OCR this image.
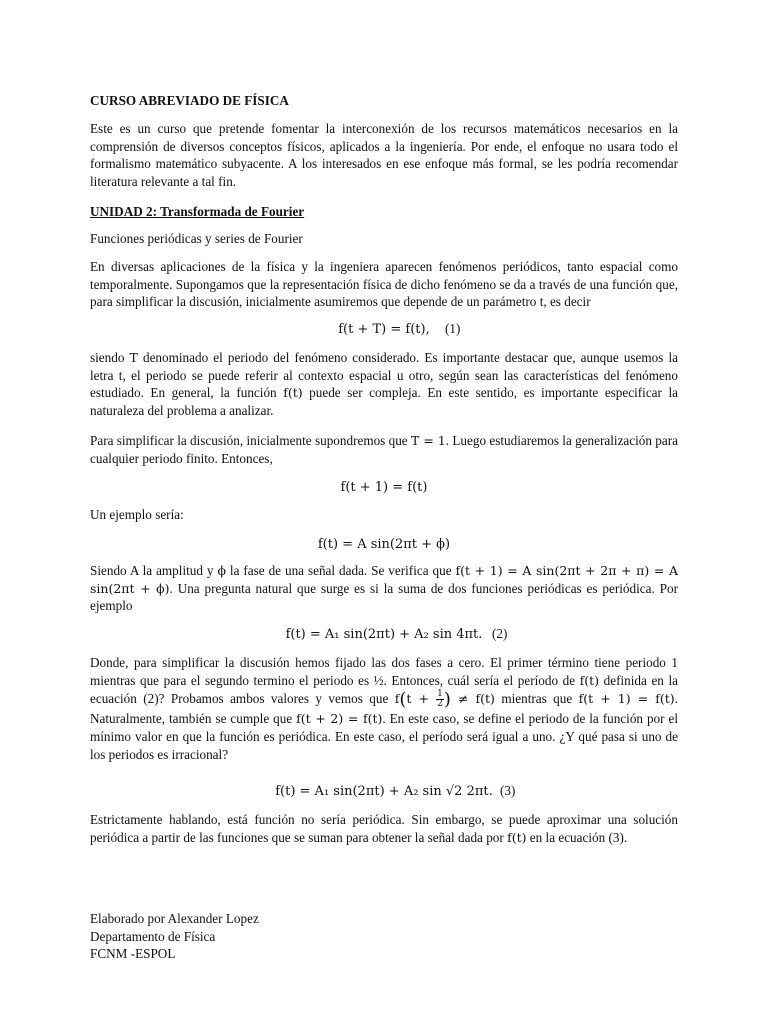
CURSO ABREVIADO DE FÍSICA

Este es un curso que pretende fomentar la interconexión de los recursos matemáticos necesarios en la comprensión de diversos conceptos físicos, aplicados a la ingeniería. Por ende, el enfoque no usara todo el formalismo matemático subyacente. A los interesados en ese enfoque más formal, se les podría recomendar literatura relevante a tal fin.

UNIDAD 2: Transformada de Fourier
Funciones periódicas y series de Fourier

En diversas aplicaciones de la física y la ingeniera aparecen fenómenos periódicos, tanto espacial como temporalmente. Supongamos que la representación física de dicho fenómeno se da a través de una función que, para simplificar la discusión, inicialmente asumiremos que depende de un parámetro t, es decir

f(t + T) = f(t), (1)

siendo T denominado el periodo del fenómeno considerado. Es importante destacar que, aunque usemos la letra t, el periodo se puede referir al contexto espacial u otro, según sean las características del fenómeno estudiado. En general, la función f(t) puede ser compleja. En este sentido, es importante especificar la naturaleza del problema a analizar.

Para simplificar la discusión, inicialmente supondremos que T = 1. Luego estudiaremos la generalización para cualquier periodo finito. Entonces,

f(t + 1) = f(t)
Un ejemplo sería:
f(t) = A sin(2πt + ϕ)

Siendo A la amplitud y ϕ la fase de una señal dada. Se verifica que f(t + 1) = A sin(2πt + 2π + π) = A sin(2πt + ϕ). Una pregunta natural que surge es si la suma de dos funciones periódicas es periódica. Por ejemplo

f(t) = A₁ sin(2πt) + A₂ sin 4πt. (2)

Donde, para simplificar la discusión hemos fijado las dos fases a cero. El primer término tiene periodo 1 mientras que para el segundo termino el periodo es ½. Entonces, cuál sería el período de f(t) definida en la ecuación (2)? Probamos ambos valores y vemos que $f(t + \frac{1}{2}$ ) ≠ f(t) mientras que f(t + 1) = f(t). Naturalmente, también se cumple que f(t + 2) = f(t). En este caso, se define el periodo de la función por el mínimo valor en que la función es periódica. En este caso, el período será igual a uno. ¿Y qué pasa si uno de los periodos es irracional?

f(t) = A₁ sin(2πt) + A₂ sin √2 2πt. (3)

Estrictamente hablando, está función no sería periódica. Sin embargo, se puede aproximar una solución periódica a partir de las funciones que se suman para obtener la señal dada por f(t) en la ecuación (3).

Elaborado por Alexander Lopez
Departamento de Física
FCNM -ESPOL
